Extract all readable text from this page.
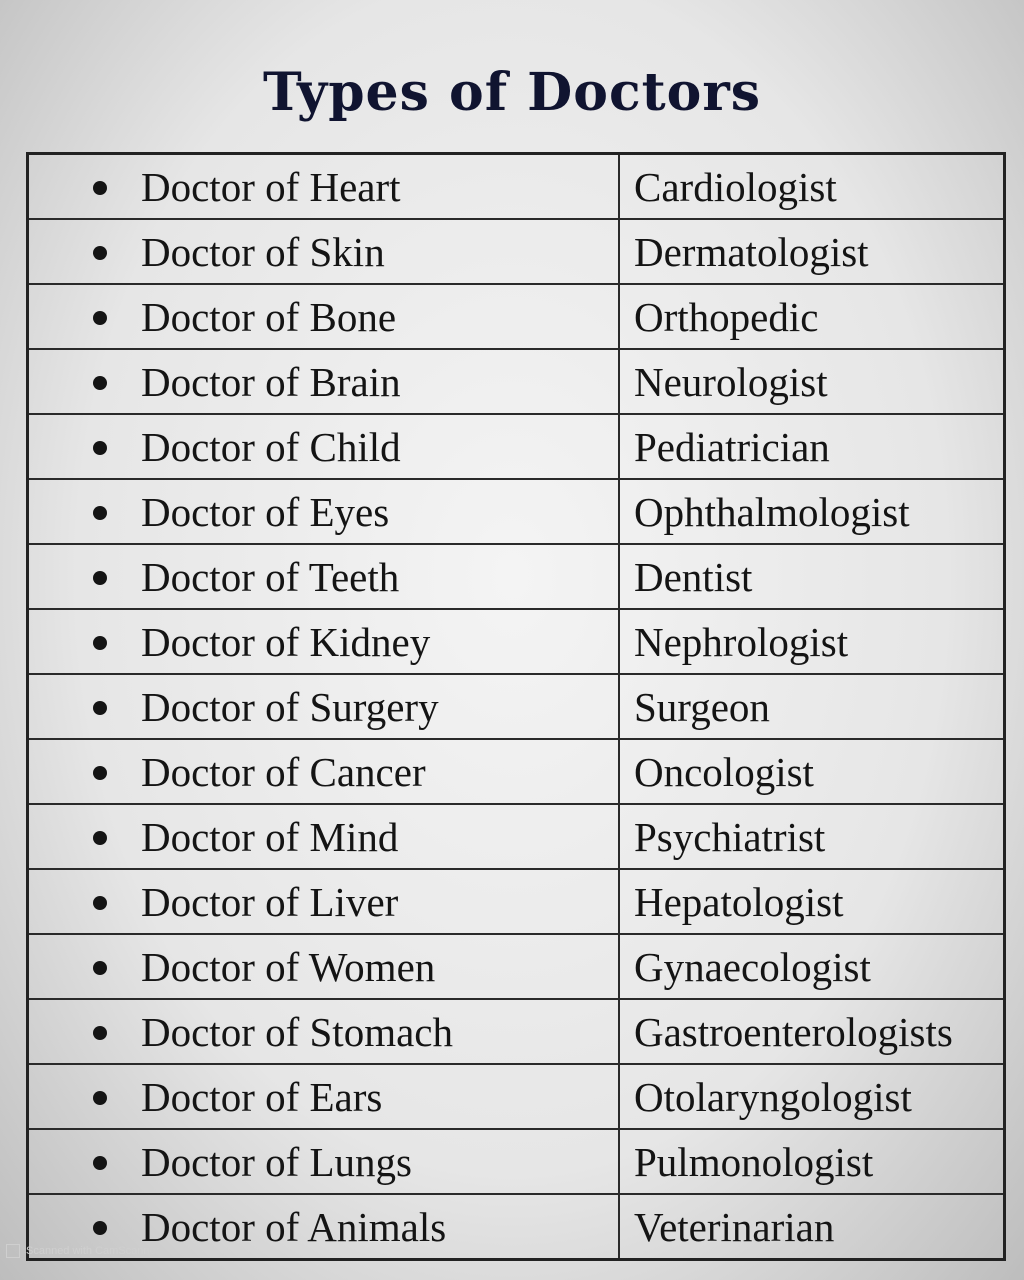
Types of Doctors
Doctor of Heart	Cardiologist
Doctor of Skin	Dermatologist
Doctor of Bone	Orthopedic
Doctor of Brain	Neurologist
Doctor of Child	Pediatrician
Doctor of Eyes	Ophthalmologist
Doctor of Teeth	Dentist
Doctor of Kidney	Nephrologist
Doctor of Surgery	Surgeon
Doctor of Cancer	Oncologist
Doctor of Mind	Psychiatrist
Doctor of Liver	Hepatologist
Doctor of Women	Gynaecologist
Doctor of Stomach	Gastroenterologists
Doctor of Ears	Otolaryngologist
Doctor of Lungs	Pulmonologist
Doctor of Animals	Veterinarian
Scanned with CamScanner
